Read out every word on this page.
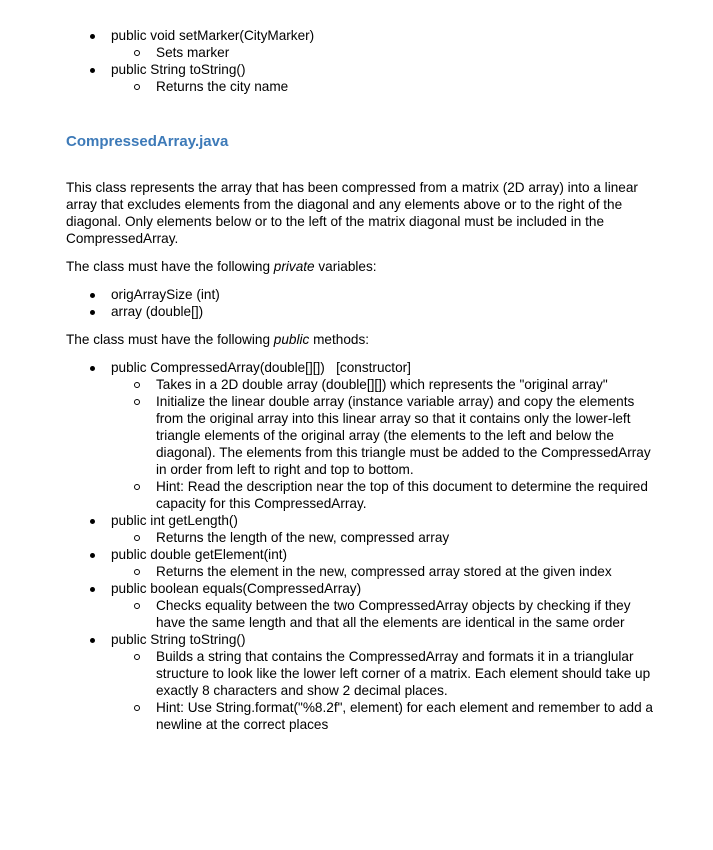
public void setMarker(CityMarker)
Sets marker
public String toString()
Returns the city name
CompressedArray.java
This class represents the array that has been compressed from a matrix (2D array) into a linear array that excludes elements from the diagonal and any elements above or to the right of the diagonal. Only elements below or to the left of the matrix diagonal must be included in the CompressedArray.
The class must have the following private variables:
origArraySize (int)
array (double[])
The class must have the following public methods:
public CompressedArray(double[][])   [constructor]
Takes in a 2D double array (double[][]) which represents the "original array"
Initialize the linear double array (instance variable array) and copy the elements from the original array into this linear array so that it contains only the lower-left triangle elements of the original array (the elements to the left and below the diagonal). The elements from this triangle must be added to the CompressedArray in order from left to right and top to bottom.
Hint: Read the description near the top of this document to determine the required capacity for this CompressedArray.
public int getLength()
Returns the length of the new, compressed array
public double getElement(int)
Returns the element in the new, compressed array stored at the given index
public boolean equals(CompressedArray)
Checks equality between the two CompressedArray objects by checking if they have the same length and that all the elements are identical in the same order
public String toString()
Builds a string that contains the CompressedArray and formats it in a trianglular structure to look like the lower left corner of a matrix. Each element should take up exactly 8 characters and show 2 decimal places.
Hint: Use String.format("%8.2f", element) for each element and remember to add a newline at the correct places
